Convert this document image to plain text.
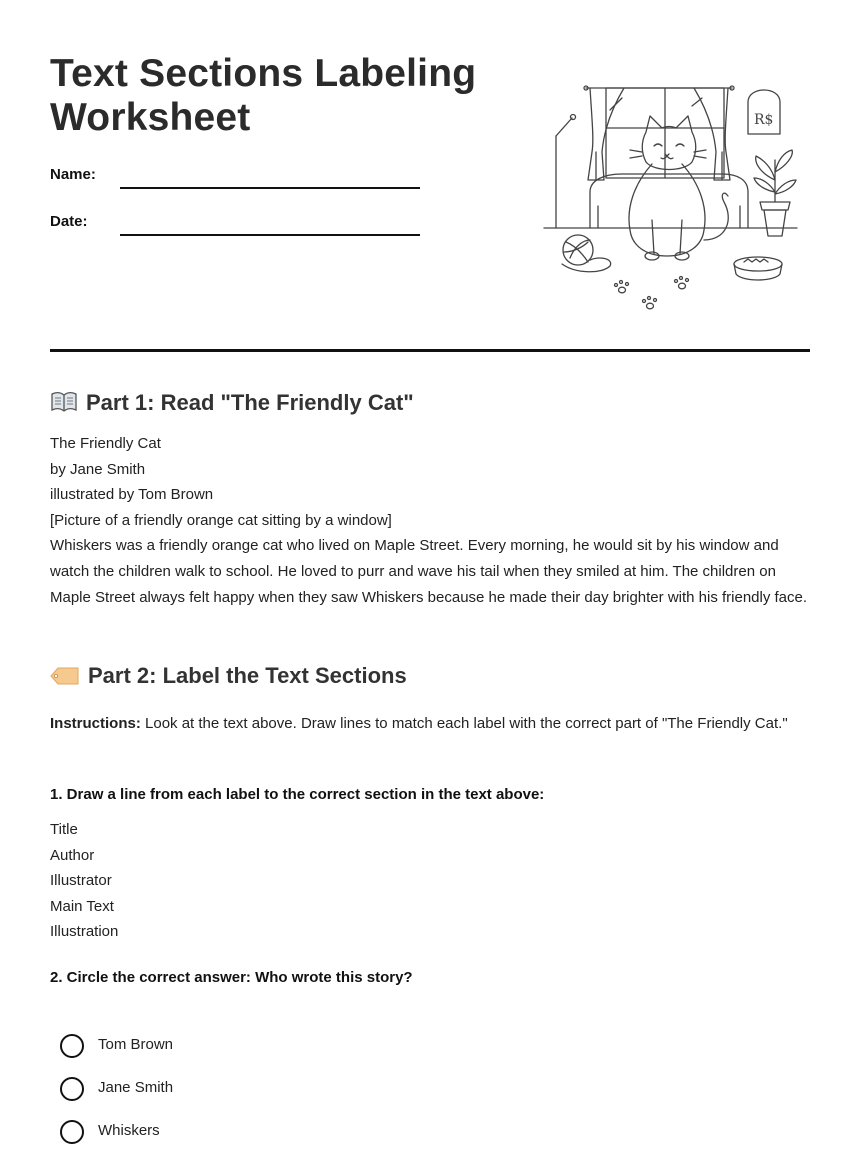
Text Sections Labeling Worksheet
Name:
Date:
R$
Part 1: Read "The Friendly Cat"
The Friendly Cat
by Jane Smith
illustrated by Tom Brown
[Picture of a friendly orange cat sitting by a window]
Whiskers was a friendly orange cat who lived on Maple Street. Every morning, he would sit by his window and watch the children walk to school. He loved to purr and wave his tail when they smiled at him. The children on Maple Street always felt happy when they saw Whiskers because he made their day brighter with his friendly face.
Part 2: Label the Text Sections
Instructions: Look at the text above. Draw lines to match each label with the correct part of "The Friendly Cat."
1. Draw a line from each label to the correct section in the text above:
Title
Author
Illustrator
Main Text
Illustration
2. Circle the correct answer: Who wrote this story?
Tom Brown
Jane Smith
Whiskers
